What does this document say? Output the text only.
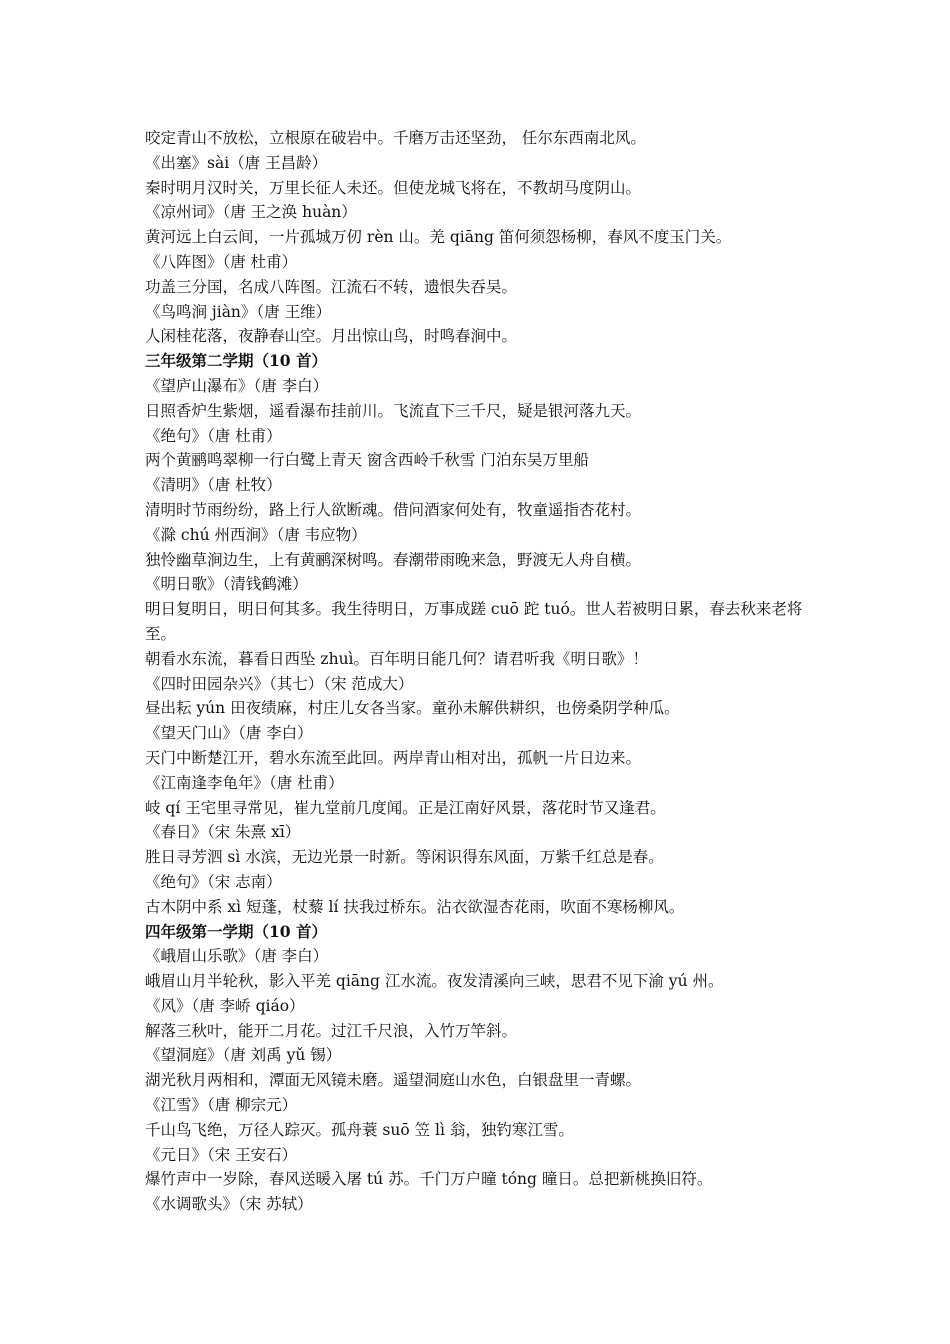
咬定青山不放松，立根原在破岩中。千磨万击还坚劲， 任尔东西南北风。
《出塞》sài（唐 王昌龄）
秦时明月汉时关，万里长征人未还。但使龙城飞将在，不教胡马度阴山。
《凉州词》（唐 王之涣 huàn）
黄河远上白云间，一片孤城万仞 rèn 山。羌 qiāng 笛何须怨杨柳，春风不度玉门关。
《八阵图》（唐 杜甫）
功盖三分国，名成八阵图。江流石不转，遗恨失吞吴。
《鸟鸣涧 jiàn》（唐 王维）
人闲桂花落，夜静春山空。月出惊山鸟，时鸣春涧中。
三年级第二学期（10 首）
《望庐山瀑布》（唐 李白）
日照香炉生紫烟，遥看瀑布挂前川。飞流直下三千尺，疑是银河落九天。
《绝句》（唐 杜甫）
两个黄鹂鸣翠柳一行白鹭上青天 窗含西岭千秋雪 门泊东吴万里船
《清明》（唐 杜牧）
清明时节雨纷纷，路上行人欲断魂。借问酒家何处有，牧童遥指杏花村。
《滁 chú 州西涧》（唐 韦应物）
独怜幽草涧边生，上有黄鹂深树鸣。春潮带雨晚来急，野渡无人舟自横。
《明日歌》（清钱鹤滩）
明日复明日，明日何其多。我生待明日，万事成蹉 cuō 跎 tuó。世人若被明日累，春去秋来老将
至。
朝看水东流，暮看日西坠 zhuì。百年明日能几何？请君听我《明日歌》！
《四时田园杂兴》（其七）（宋 范成大）
昼出耘 yún 田夜绩麻，村庄儿女各当家。童孙未解供耕织，也傍桑阴学种瓜。
《望天门山》（唐 李白）
天门中断楚江开，碧水东流至此回。两岸青山相对出，孤帆一片日边来。
《江南逢李龟年》（唐 杜甫）
岐 qí 王宅里寻常见，崔九堂前几度闻。正是江南好风景，落花时节又逢君。
《春日》（宋 朱熹 xī）
胜日寻芳泗 sì 水滨，无边光景一时新。等闲识得东风面，万紫千红总是春。
《绝句》（宋 志南）
古木阴中系 xì 短蓬，杖藜 lí 扶我过桥东。沾衣欲湿杏花雨，吹面不寒杨柳风。
四年级第一学期（10 首）
《峨眉山乐歌》（唐 李白）
峨眉山月半轮秋，影入平羌 qiāng 江水流。夜发清溪向三峡，思君不见下渝 yú 州。
《风》（唐 李峤 qiáo）
解落三秋叶，能开二月花。过江千尺浪，入竹万竿斜。
《望洞庭》（唐 刘禹 yǔ 锡）
湖光秋月两相和，潭面无风镜未磨。遥望洞庭山水色，白银盘里一青螺。
《江雪》（唐 柳宗元）
千山鸟飞绝，万径人踪灭。孤舟蓑 suō 笠 lì 翁，独钓寒江雪。
《元日》（宋 王安石）
爆竹声中一岁除，春风送暖入屠 tú 苏。千门万户曈 tóng 曈日。总把新桃换旧符。
《水调歌头》（宋 苏轼）
